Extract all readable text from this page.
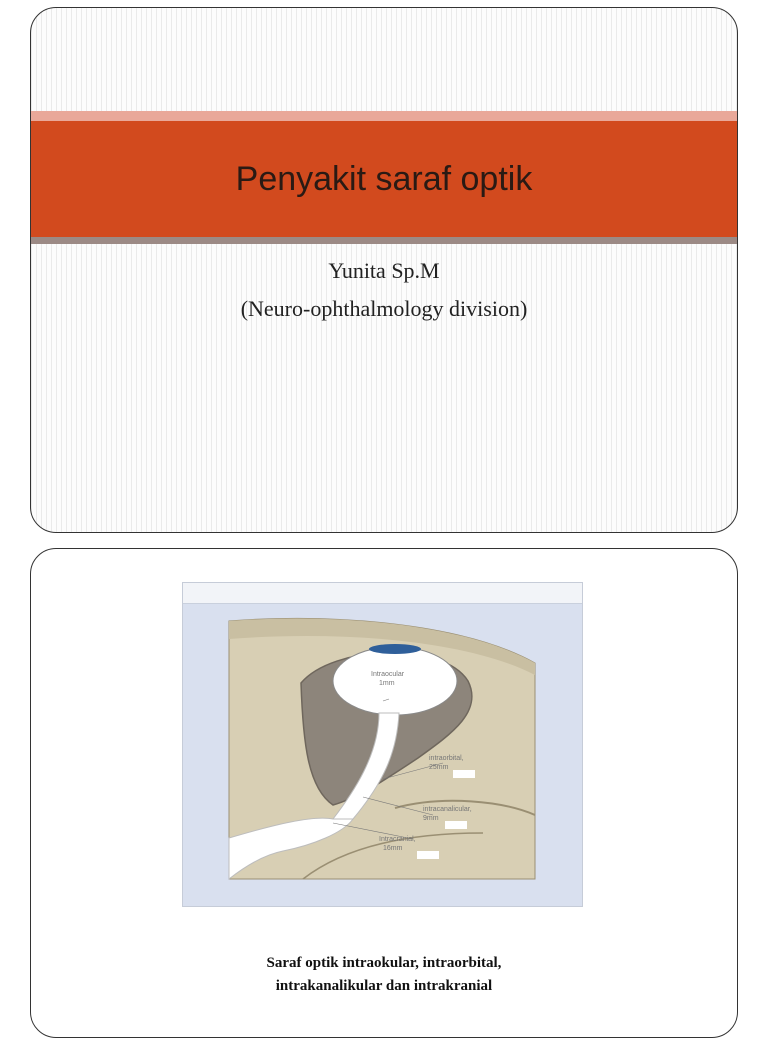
Penyakit saraf optik
Yunita Sp.M
(Neuro-ophthalmology division)
Intraocular
1mm
intraorbital,
25mm
intracanalicular,
9mm
Intracranial,
16mm
Saraf optik intraokular, intraorbital,
intrakanalikular dan intrakranial
